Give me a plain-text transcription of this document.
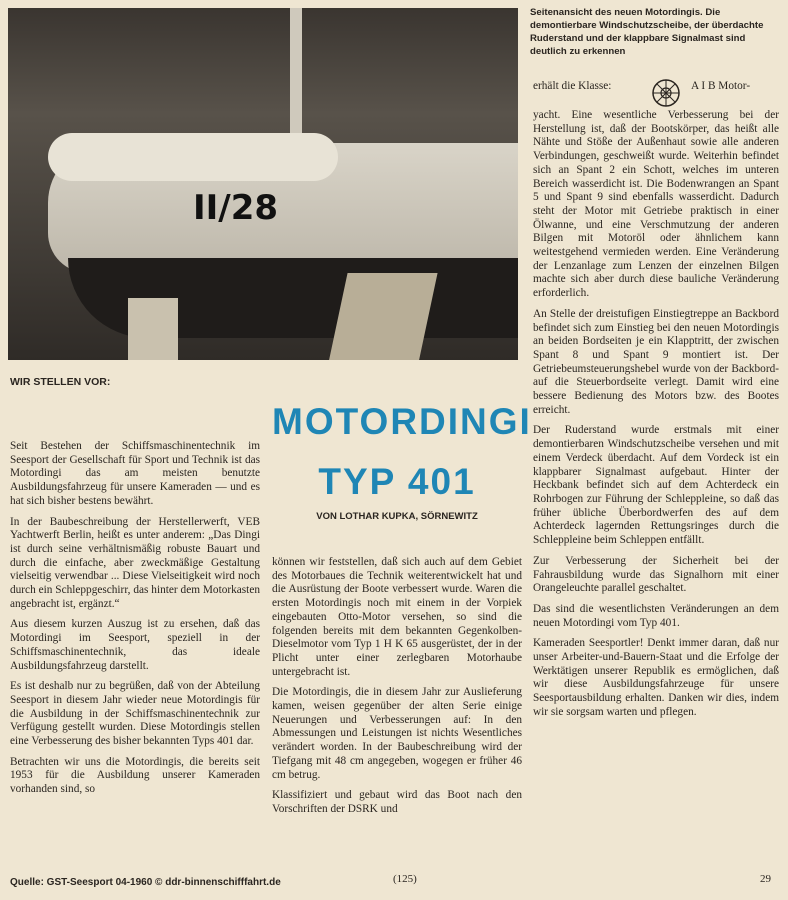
II/28
Seitenansicht des neuen Motordingis. Die demontierbare Windschutzscheibe, der überdachte Ruderstand und der klappbare Signalmast sind deutlich zu erkennen
WIR STELLEN VOR:
MOTORDINGI
TYP 401
VON LOTHAR KUPKA, SÖRNEWITZ

Seit Bestehen der Schiffsmaschinentechnik im Seesport der Gesellschaft für Sport und Technik ist das Motordingi das am meisten benutzte Ausbildungsfahrzeug für unsere Kameraden — und es hat sich bisher bestens bewährt.

In der Baubeschreibung der Herstellerwerft, VEB Yachtwerft Berlin, heißt es unter anderem: „Das Dingi ist durch seine verhältnismäßig robuste Bauart und durch die einfache, aber zweckmäßige Gestaltung vielseitig verwendbar ... Diese Vielseitigkeit wird noch durch ein Schleppgeschirr, das hinter dem Motorkasten angebracht ist, ergänzt.“

Aus diesem kurzen Auszug ist zu ersehen, daß das Motordingi im Seesport, speziell in der Schiffsmaschinentechnik, das ideale Ausbildungsfahrzeug darstellt.

Es ist deshalb nur zu begrüßen, daß von der Abteilung Seesport in diesem Jahr wieder neue Motordingis für die Ausbildung in der Schiffsmaschinentechnik zur Verfügung gestellt wurden. Diese Motordingis stellen eine Verbesserung des bisher bekannten Typs 401 dar.

Betrachten wir uns die Motordingis, die bereits seit 1953 für die Ausbildung unserer Kameraden vorhanden sind, so

können wir feststellen, daß sich auch auf dem Gebiet des Motorbaues die Technik weiterentwickelt hat und die Ausrüstung der Boote verbessert wurde. Waren die ersten Motordingis noch mit einem in der Vorpiek eingebauten Otto-Motor versehen, so sind die folgenden bereits mit dem bekannten Gegenkolben-Dieselmotor vom Typ 1 H K 65 ausgerüstet, der in der Plicht unter einer zerlegbaren Motorhaube untergebracht ist.

Die Motordingis, die in diesem Jahr zur Auslieferung kamen, weisen gegenüber der alten Serie einige Neuerungen und Verbesserungen auf: In den Abmessungen und Leistungen ist nichts Wesentliches verändert worden. In der Baubeschreibung wird der Tiefgang mit 48 cm angegeben, wogegen er früher 46 cm betrug.

Klassifiziert und gebaut wird das Boot nach den Vorschriften der DSRK und

erhält die Klasse:	A I B Motor-

yacht. Eine wesentliche Verbesserung bei der Herstellung ist, daß der Bootskörper, das heißt alle Nähte und Stöße der Außenhaut sowie alle anderen Verbindungen, geschweißt wurde. Weiterhin befindet sich an Spant 2 ein Schott, welches im unteren Bereich wasserdicht ist. Die Bodenwrangen an Spant 5 und Spant 9 sind ebenfalls wasserdicht. Dadurch steht der Motor mit Getriebe praktisch in einer Ölwanne, und eine Verschmutzung der anderen Bilgen mit Motoröl oder ähnlichem kann weitestgehend vermieden werden. Eine Veränderung der Lenzanlage zum Lenzen der einzelnen Bilgen machte sich aber durch diese bauliche Veränderung erforderlich.

An Stelle der dreistufigen Einstiegtreppe an Backbord befindet sich zum Einstieg bei den neuen Motordingis an beiden Bordseiten je ein Klapptritt, der zwischen Spant 8 und Spant 9 montiert ist. Der Getriebeumsteuerungshebel wurde von der Backbord- auf die Steuerbordseite verlegt. Damit wird eine bessere Bedienung des Motors bzw. des Bootes erreicht.

Der Ruderstand wurde erstmals mit einer demontierbaren Windschutzscheibe versehen und mit einem Verdeck überdacht. Auf dem Vordeck ist ein klappbarer Signalmast aufgebaut. Hinter der Heckbank befindet sich auf dem Achterdeck ein Rohrbogen zur Führung der Schleppleine, so daß das früher übliche Überbordwerfen des auf dem Achterdeck lagernden Rettungsringes durch die Schleppleine beim Schleppen entfällt.

Zur Verbesserung der Sicherheit bei der Fahrausbildung wurde das Signalhorn mit einer Orangeleuchte parallel geschaltet.

Das sind die wesentlichsten Veränderungen an dem neuen Motordingi vom Typ 401.

Kameraden Seesportler! Denkt immer daran, daß nur unser Arbeiter-und-Bauern-Staat und die Erfolge der Werktätigen unserer Republik es ermöglichen, daß wir diese Ausbildungsfahrzeuge für unsere Seesportausbildung erhalten. Danken wir dies, indem wir sie sorgsam warten und pflegen.

Quelle: GST-Seesport 04-1960 © ddr-binnenschifffahrt.de	(125)	29
